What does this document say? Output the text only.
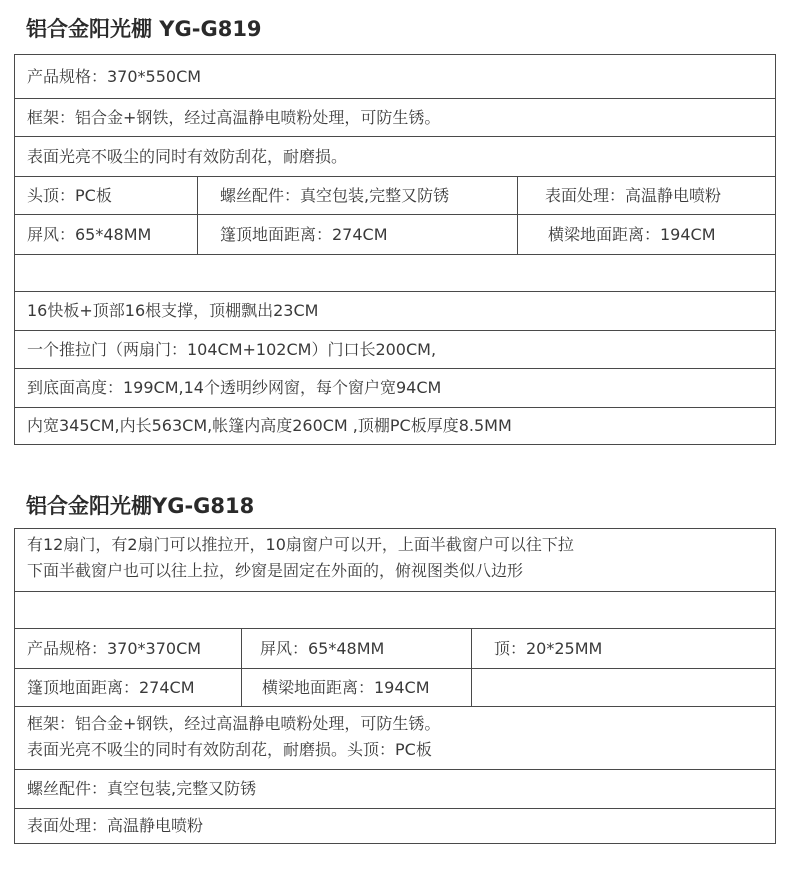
铝合金阳光棚 YG-G819
产品规格：370*550CM
框架：铝合金+钢铁，经过高温静电喷粉处理，可防生锈。
表面光亮不吸尘的同时有效防刮花，耐磨损。
头顶：PC板	螺丝配件：真空包装,完整又防锈	表面处理：高温静电喷粉
屏风：65*48MM	篷顶地面距离：274CM	横梁地面距离：194CM
16快板+顶部16根支撑，顶棚飘出23CM
一个推拉门（两扇门：104CM+102CM）门口长200CM,
到底面高度：199CM,14个透明纱网窗，每个窗户宽94CM
内宽345CM,内长563CM,帐篷内高度260CM ,顶棚PC板厚度8.5MM
铝合金阳光棚YG-G818
有12扇门，有2扇门可以推拉开，10扇窗户可以开，上面半截窗户可以往下拉
下面半截窗户也可以往上拉，纱窗是固定在外面的，俯视图类似八边形
产品规格：370*370CM	屏风：65*48MM	顶：20*25MM
篷顶地面距离：274CM	横梁地面距离：194CM
框架：铝合金+钢铁，经过高温静电喷粉处理，可防生锈。
表面光亮不吸尘的同时有效防刮花，耐磨损。头顶：PC板
螺丝配件：真空包装,完整又防锈
表面处理：高温静电喷粉
